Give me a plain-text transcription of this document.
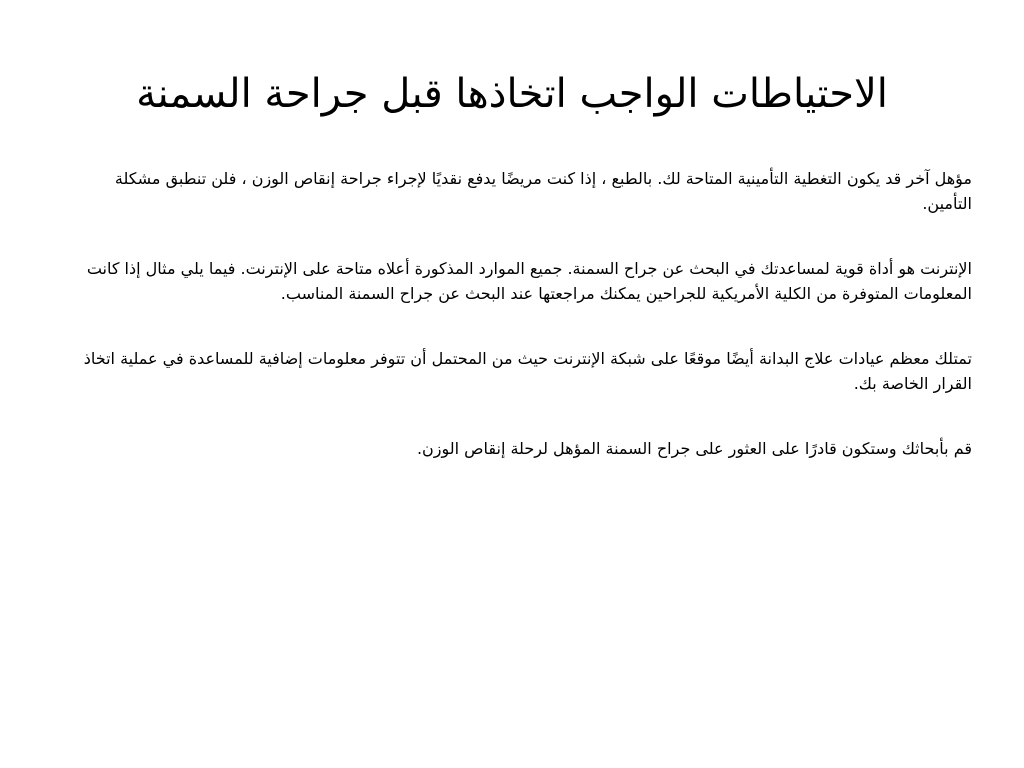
الاحتياطات الواجب اتخاذها قبل جراحة السمنة

مؤهل آخر قد يكون التغطية التأمينية المتاحة لك. بالطبع ، إذا كنت مريضًا يدفع نقديًا لإجراء جراحة إنقاص الوزن ، فلن تنطبق مشكلة التأمين.

الإنترنت هو أداة قوية لمساعدتك في البحث عن جراح السمنة. جميع الموارد المذكورة أعلاه متاحة على الإنترنت. فيما يلي مثال إذا كانت المعلومات المتوفرة من الكلية الأمريكية للجراحين يمكنك مراجعتها عند البحث عن جراح السمنة المناسب.

تمتلك معظم عيادات علاج البدانة أيضًا موقعًا على شبكة الإنترنت حيث من المحتمل أن تتوفر معلومات إضافية للمساعدة في عملية اتخاذ القرار الخاصة بك.

قم بأبحاثك وستكون قادرًا على العثور على جراح السمنة المؤهل لرحلة إنقاص الوزن.
